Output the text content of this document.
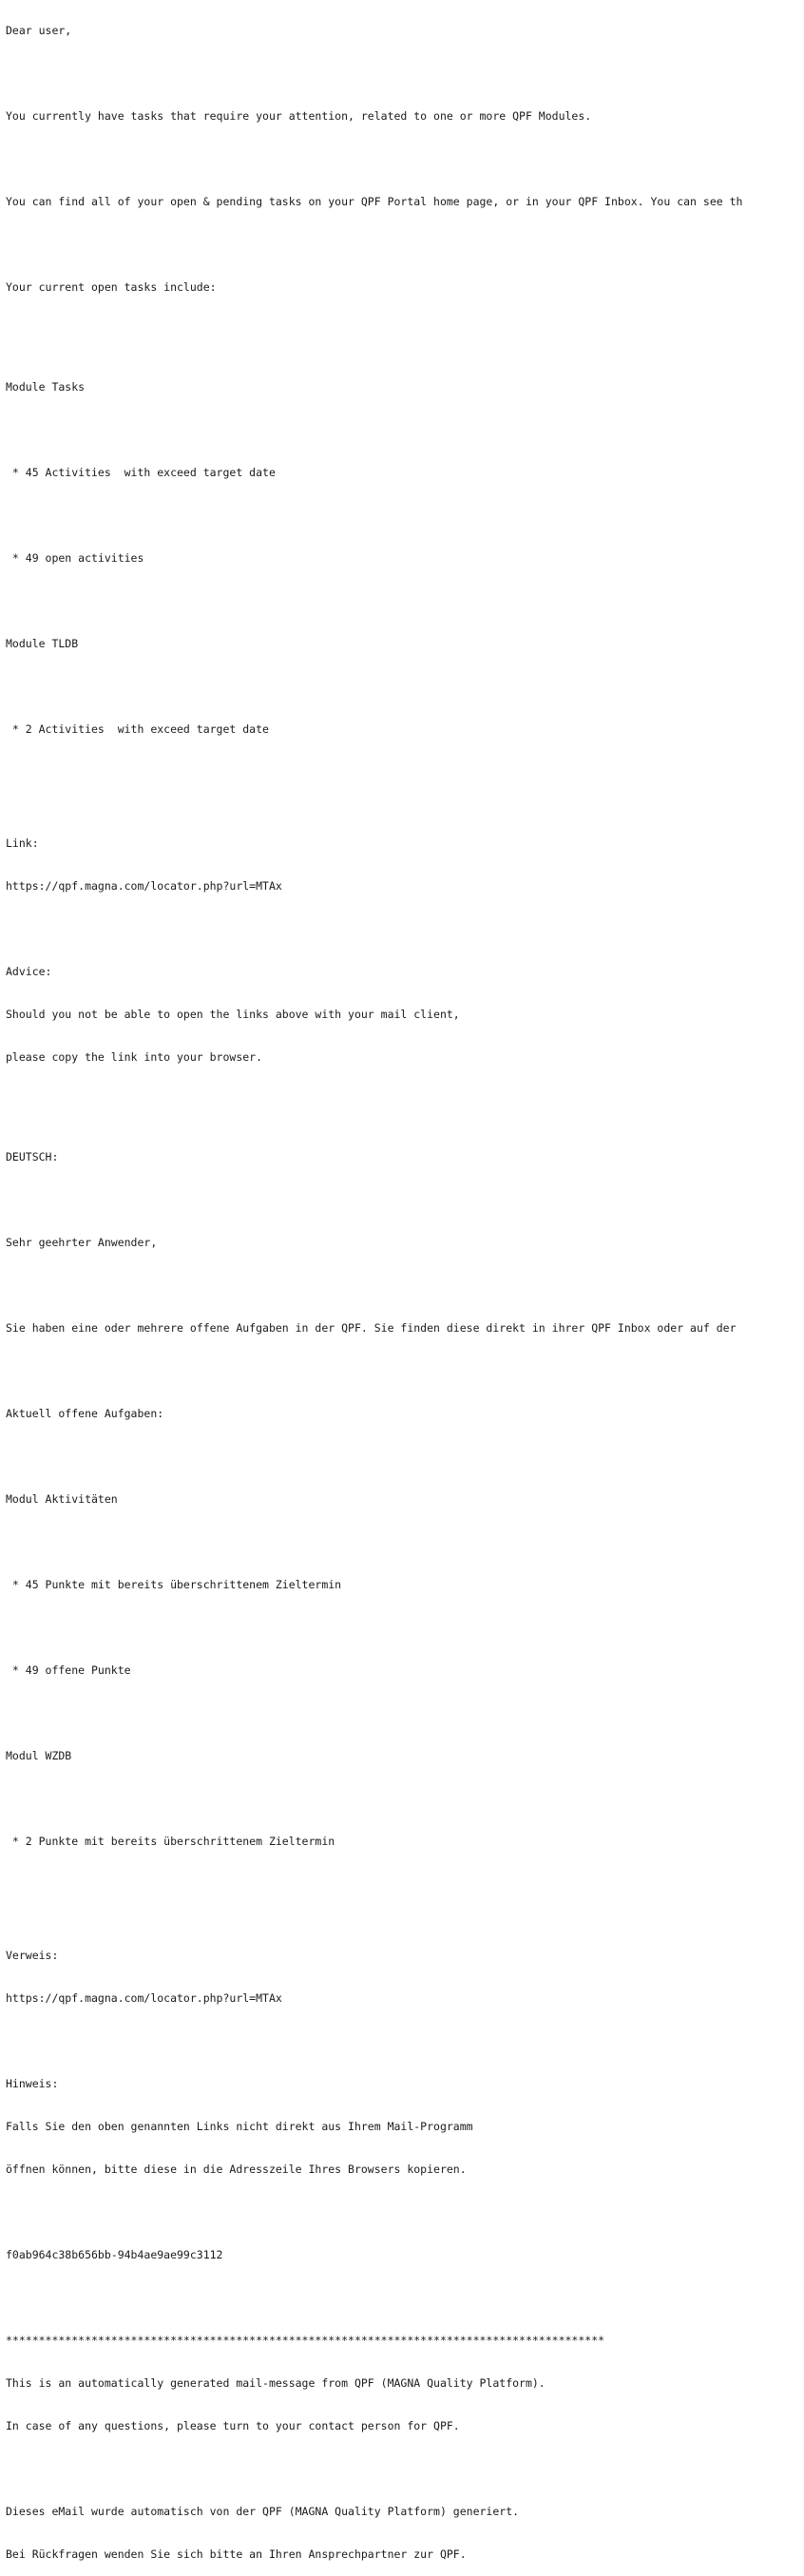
Dear user,

You currently have tasks that require your attention, related to one or more QPF Modules.

You can find all of your open & pending tasks on your QPF Portal home page, or in your QPF Inbox. You can see th

Your current open tasks include:

Module Tasks

* 45 Activities  with exceed target date

* 49 open activities

Module TLDB

* 2 Activities  with exceed target date

Link:

https://qpf.magna.com/locator.php?url=MTAx

Advice:

Should you not be able to open the links above with your mail client,

please copy the link into your browser.

DEUTSCH:

Sehr geehrter Anwender,

Sie haben eine oder mehrere offene Aufgaben in der QPF. Sie finden diese direkt in ihrer QPF Inbox oder auf der

Aktuell offene Aufgaben:

Modul Aktivitäten

* 45 Punkte mit bereits überschrittenem Zieltermin

* 49 offene Punkte

Modul WZDB

* 2 Punkte mit bereits überschrittenem Zieltermin

Verweis:

https://qpf.magna.com/locator.php?url=MTAx

Hinweis:

Falls Sie den oben genannten Links nicht direkt aus Ihrem Mail-Programm

öffnen können, bitte diese in die Adresszeile Ihres Browsers kopieren.

f0ab964c38b656bb-94b4ae9ae99c3112

*******************************************************************************************

This is an automatically generated mail-message from QPF (MAGNA Quality Platform).

In case of any questions, please turn to your contact person for QPF.

Dieses eMail wurde automatisch von der QPF (MAGNA Quality Platform) generiert.

Bei Rückfragen wenden Sie sich bitte an Ihren Ansprechpartner zur QPF.
